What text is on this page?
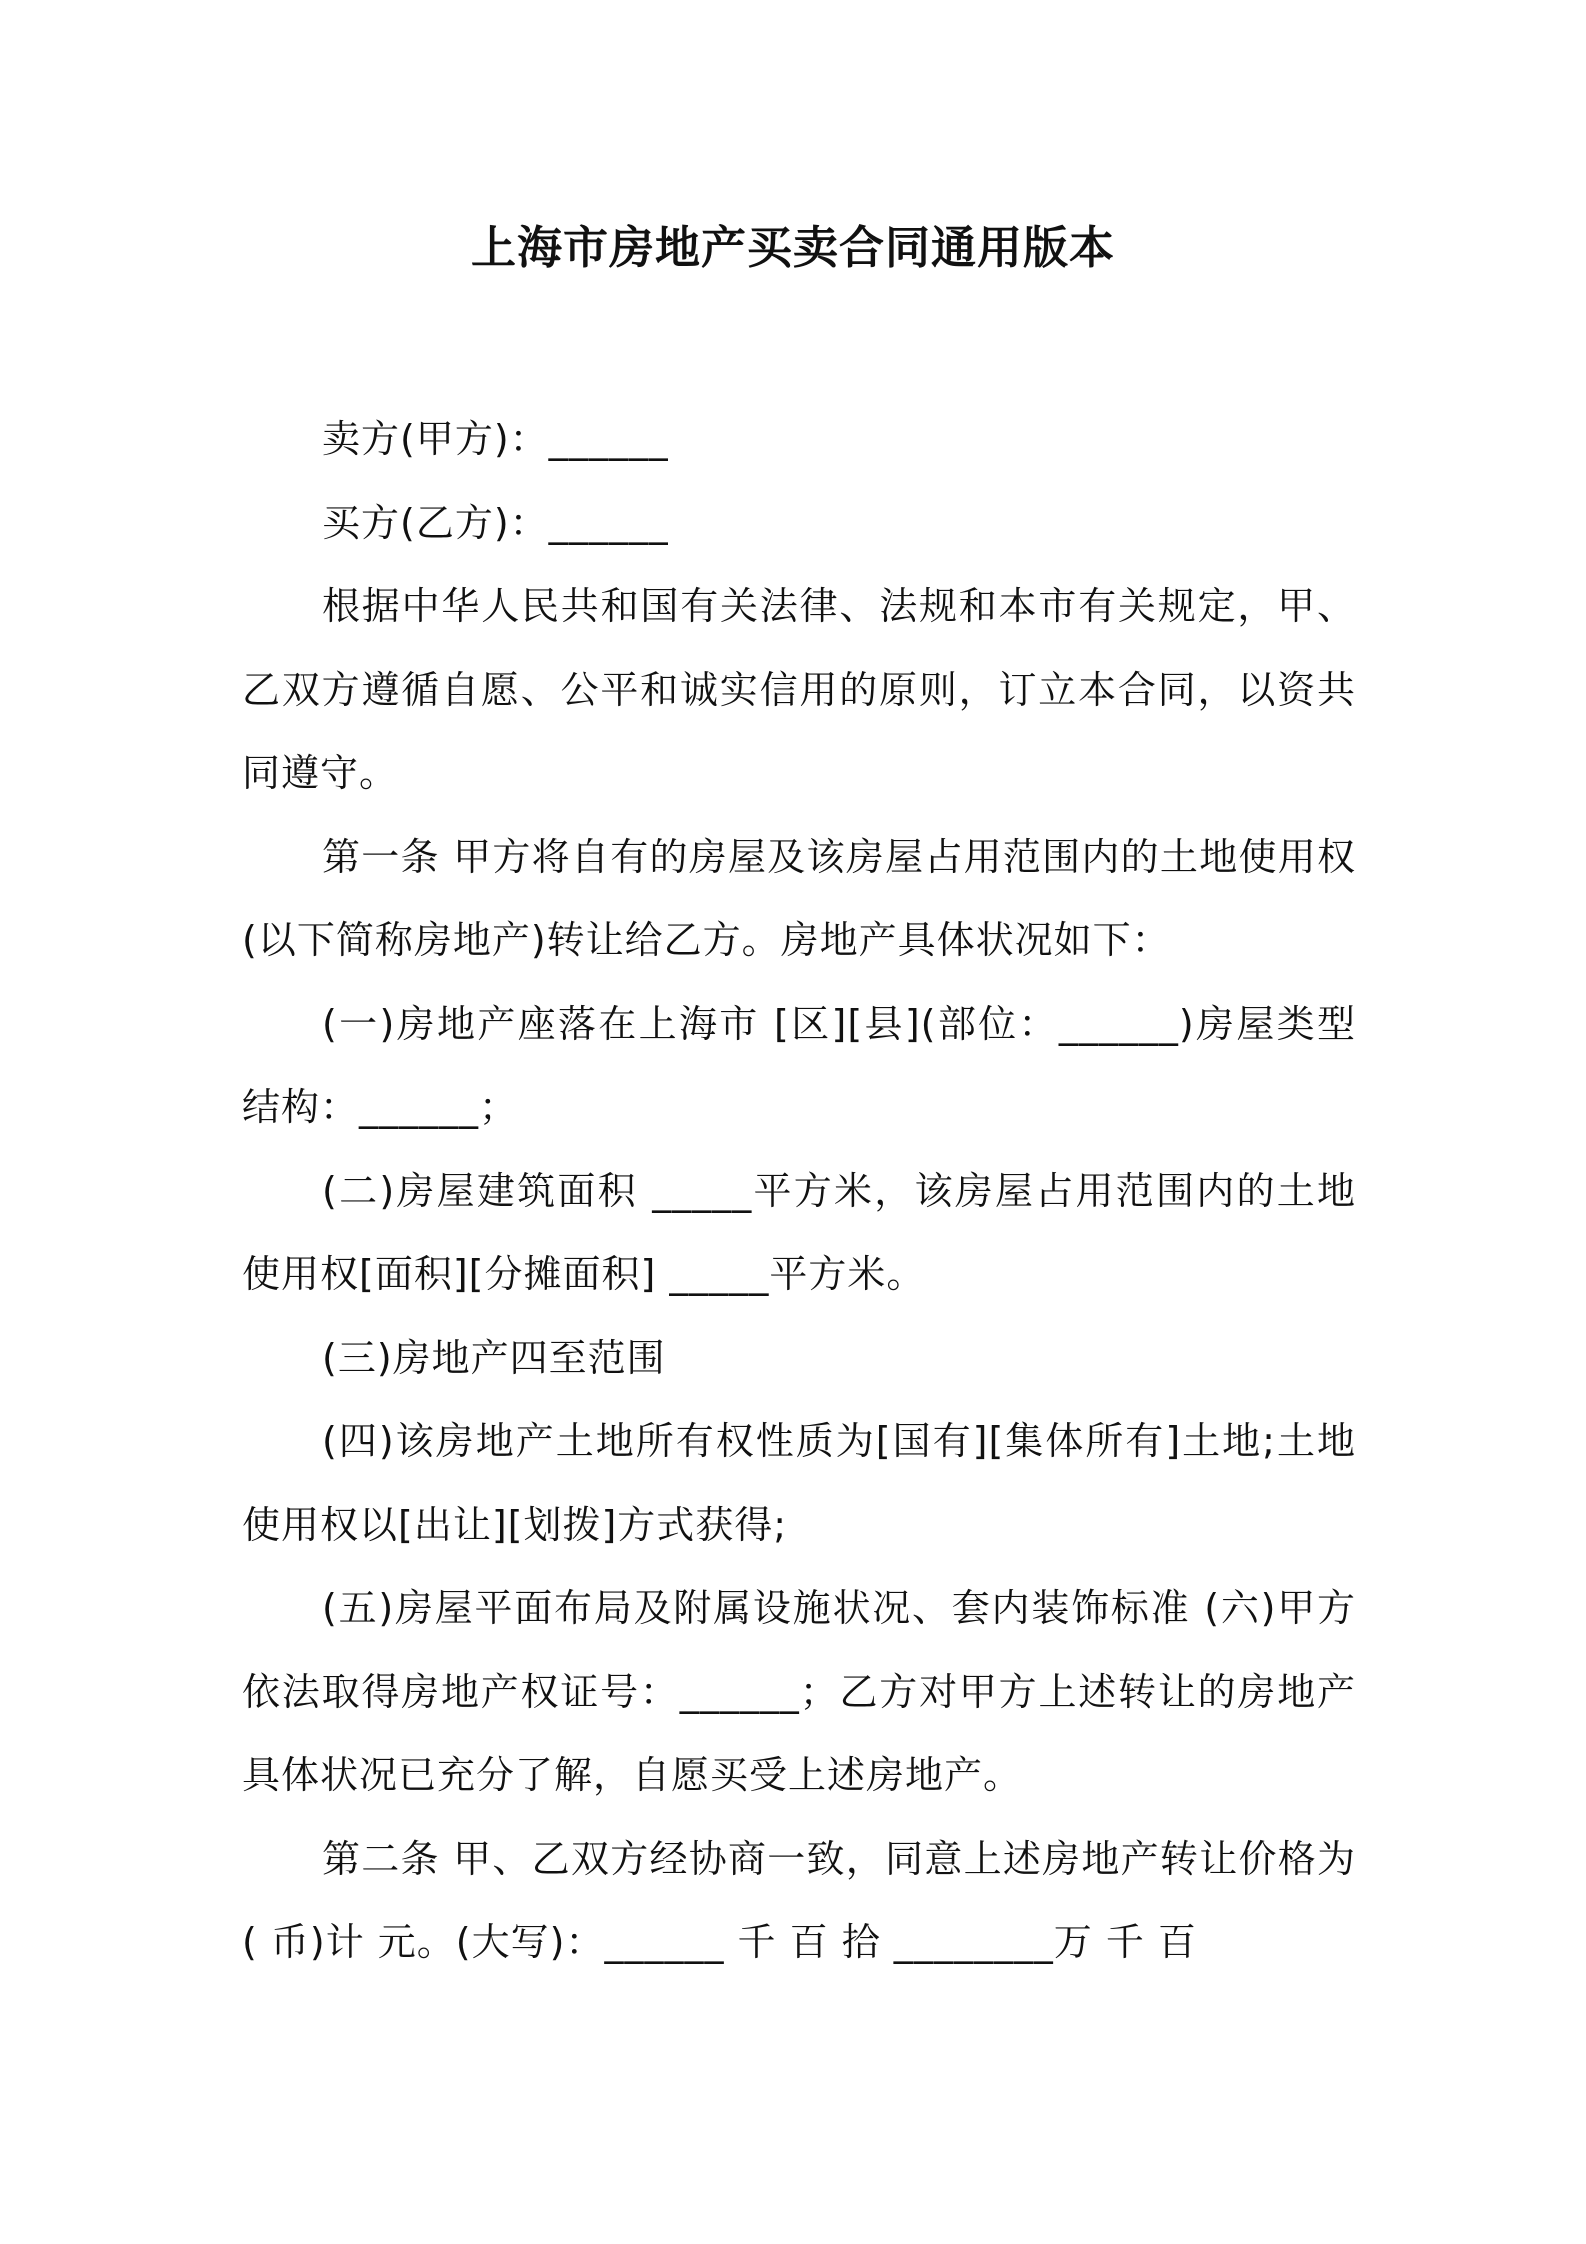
上海市房地产买卖合同通用版本

卖方(甲方)：______

买方(乙方)：______

根据中华人民共和国有关法律、法规和本市有关规定，甲、乙双方遵循自愿、公平和诚实信用的原则，订立本合同，以资共同遵守。

第一条 甲方将自有的房屋及该房屋占用范围内的土地使用权(以下简称房地产)转让给乙方。房地产具体状况如下：

(一)房地产座落在上海市 [区][县](部位：______)房屋类型结构：______；

(二)房屋建筑面积 _____平方米，该房屋占用范围内的土地使用权[面积][分摊面积] _____平方米。

(三)房地产四至范围

(四)该房地产土地所有权性质为[国有][集体所有]土地;土地使用权以[出让][划拨]方式获得;

(五)房屋平面布局及附属设施状况、套内装饰标准 (六)甲方依法取得房地产权证号：______；乙方对甲方上述转让的房地产具体状况已充分了解，自愿买受上述房地产。

第二条 甲、乙双方经协商一致，同意上述房地产转让价格为( 币)计 元。(大写)：______ 千 百 拾 ________万 千 百
